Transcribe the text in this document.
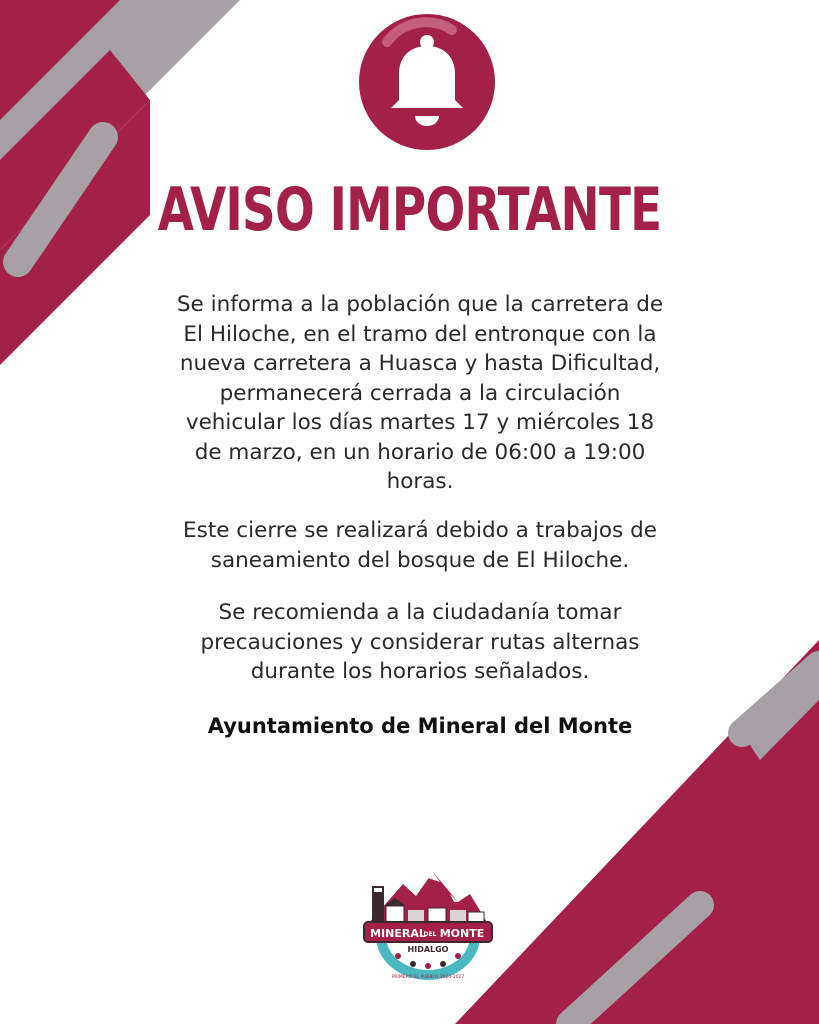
AVISO IMPORTANTE
Se informa a la población que la carretera de
El Hiloche, en el tramo del entronque con la
nueva carretera a Huasca y hasta Dificultad,
permanecerá cerrada a la circulación
vehicular los días martes 17 y miércoles 18
de marzo, en un horario de 06:00 a 19:00
horas.
Este cierre se realizará debido a trabajos de
saneamiento del bosque de El Hiloche.
Se recomienda a la ciudadanía tomar
precauciones y considerar rutas alternas
durante los horarios señalados.
Ayuntamiento de Mineral del Monte
MINERAL
DEL MONTE
HIDALGO
PRIMERO EL PUEBLO 2024-2027
